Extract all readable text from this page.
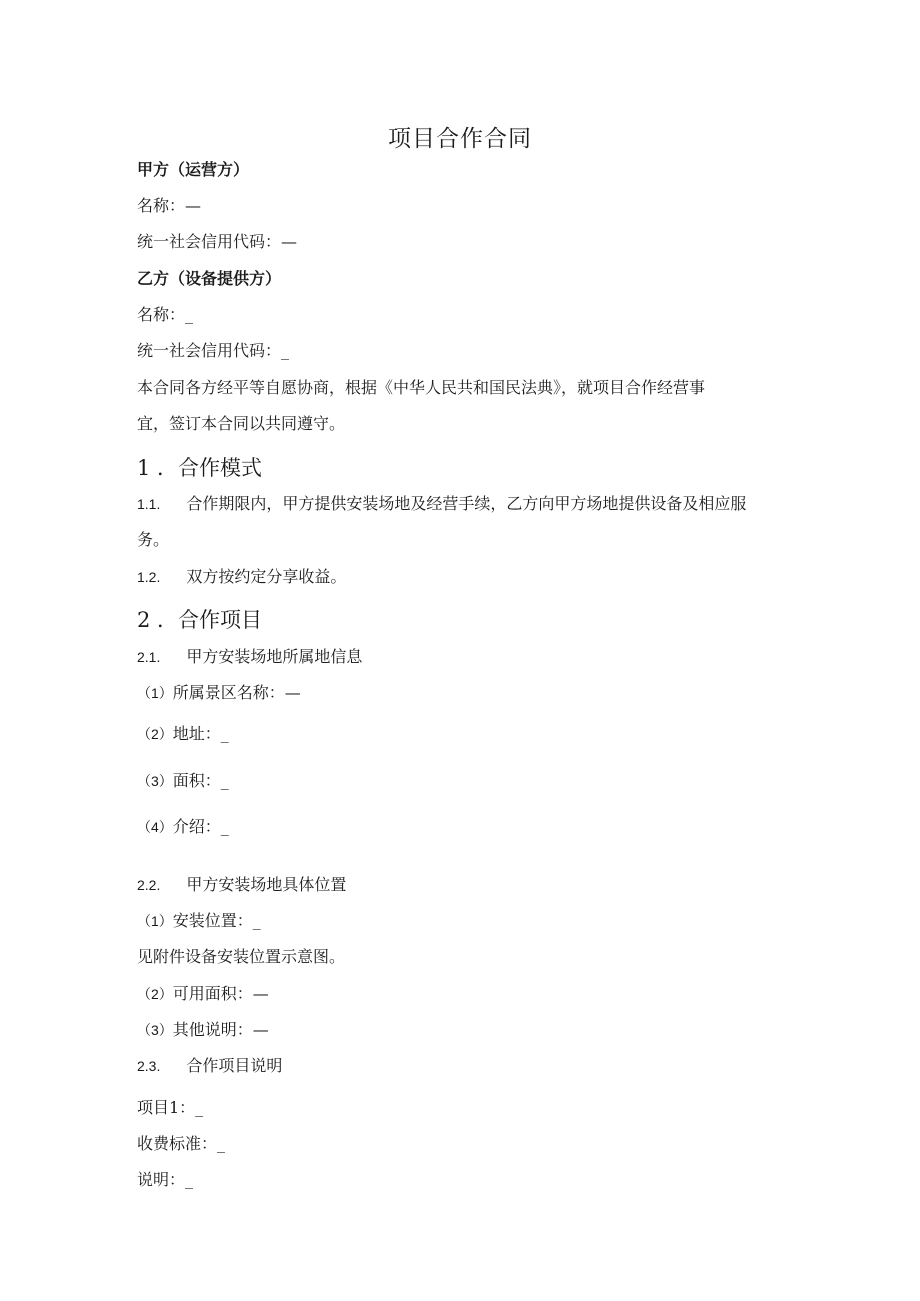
项目合作合同
甲方（运营方）
名称：—
统一社会信用代码：—
乙方（设备提供方）
名称：_
统一社会信用代码：_
本合同各方经平等自愿协商，根据《中华人民共和国民法典》，就项目合作经营事
宜，签订本合同以共同遵守。
1 ．合作模式
1.1. 合作期限内，甲方提供安装场地及经营手续，乙方向甲方场地提供设备及相应服
务。
1.2. 双方按约定分享收益。
2 ．合作项目
2.1. 甲方安装场地所属地信息
（1）所属景区名称：—
（2）地址：_
（3）面积：_
（4）介绍：_
2.2. 甲方安装场地具体位置
（1）安装位置：_
见附件设备安装位置示意图。
（2）可用面积：—
（3）其他说明：—
2.3. 合作项目说明
项目1：_
收费标准：_
说明：_
